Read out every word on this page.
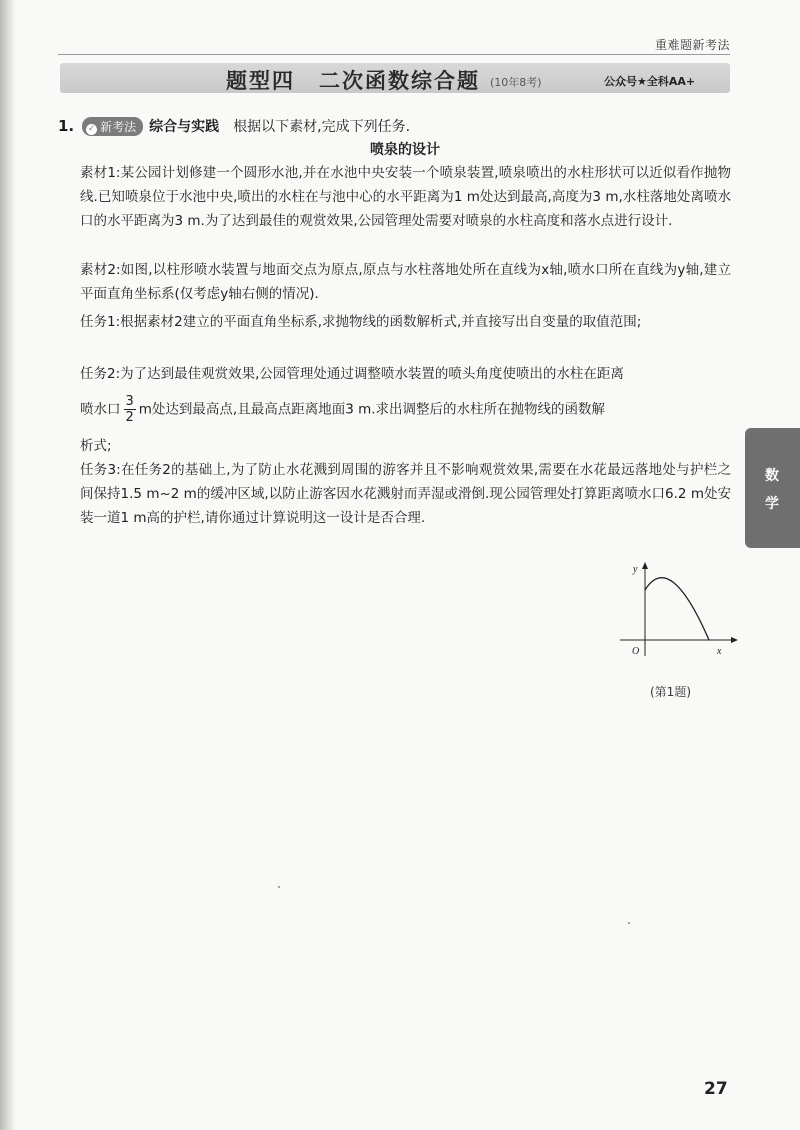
重难题新考法
题型四 二次函数综合题 (10年8考)	公众号★全科AA+
1. ✓ 新考法 综合与实践 根据以下素材,完成下列任务.
喷泉的设计
素材1:某公园计划修建一个圆形水池,并在水池中央安装一个喷泉装置,喷泉喷出的水柱形状可以近似看作抛物线.已知喷泉位于水池中央,喷出的水柱在与池中心的水平距离为1 m处达到最高,高度为3 m,水柱落地处离喷水口的水平距离为3 m.为了达到最佳的观赏效果,公园管理处需要对喷泉的水柱高度和落水点进行设计.
素材2:如图,以柱形喷水装置与地面交点为原点,原点与水柱落地处所在直线为x轴,喷水口所在直线为y轴,建立平面直角坐标系(仅考虑y轴右侧的情况).
任务1:根据素材2建立的平面直角坐标系,求抛物线的函数解析式,并直接写出自变量的取值范围;
任务2:为了达到最佳观赏效果,公园管理处通过调整喷水装置的喷头角度使喷出的水柱在距离
喷水口 $\frac{3}{2}$ m处达到最高点,且最高点距离地面3 m.求出调整后的水柱所在抛物线的函数解
析式;
任务3:在任务2的基础上,为了防止水花溅到周围的游客并且不影响观赏效果,需要在水花最远落地处与护栏之间保持1.5 m~2 m的缓冲区域,以防止游客因水花溅射而弄湿或滑倒.现公园管理处打算距离喷水口6.2 m处安装一道1 m高的护栏,请你通过计算说明这一设计是否合理.
y
x
O
(第1题)
数
学
27
